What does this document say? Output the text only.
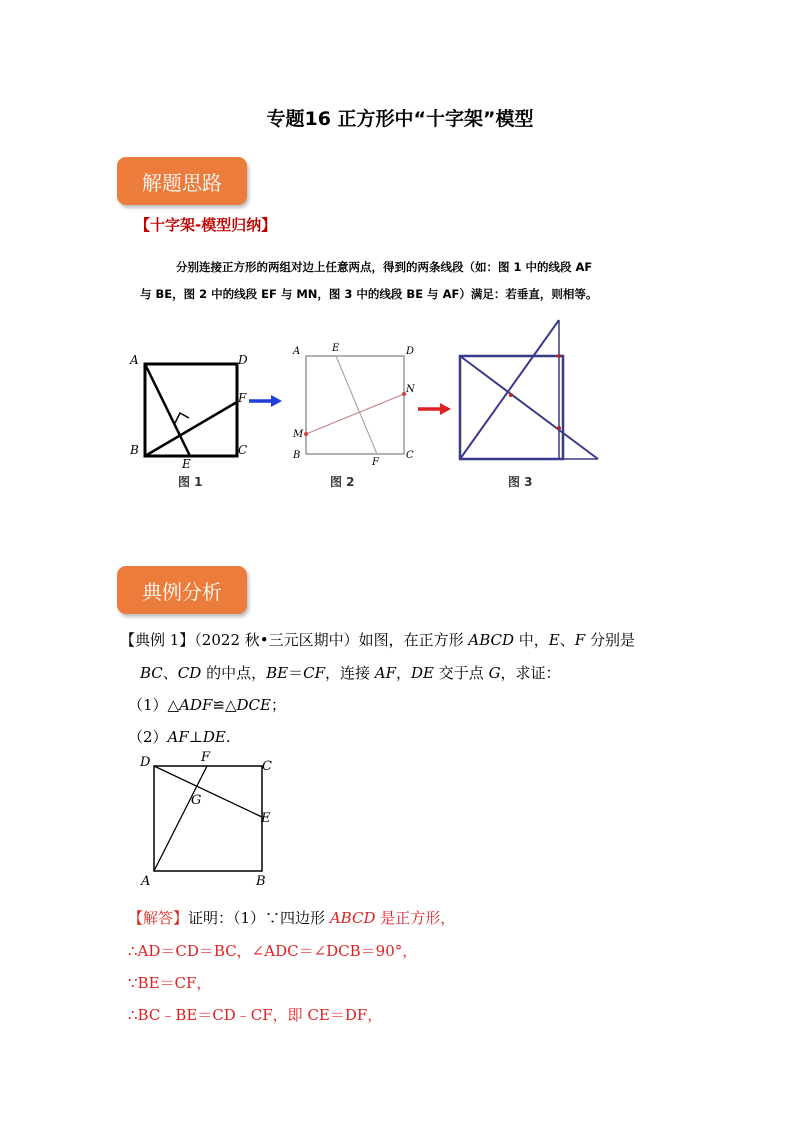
专题16 正方形中“十字架”模型
解题思路
【十字架-模型归纳】
分别连接正方形的两组对边上任意两点，得到的两条线段（如：图 1 中的线段 AF
与 BE，图 2 中的线段 EF 与 MN，图 3 中的线段 BE 与 AF）满足：若垂直，则相等。
A	D
F
B	C
E
图 1
A	E	D
N
M
B
F
C
图 2	图 3
典例分析
【典例 1】（2022 秋•三元区期中）如图，在正方形 ABCD 中，E、F 分别是
BC、CD 的中点，BE＝CF，连接 AF，DE 交于点 G，求证：
（1）△ADF≌△DCE；
（2）AF⊥DE.
D	F
C
G
E
A	B
【解答】证明：（1）∵四边形 ABCD 是正方形，
∴AD＝CD＝BC，∠ADC＝∠DCB＝90°，
∵BE＝CF，
∴BC﹣BE＝CD﹣CF，即 CE＝DF，
